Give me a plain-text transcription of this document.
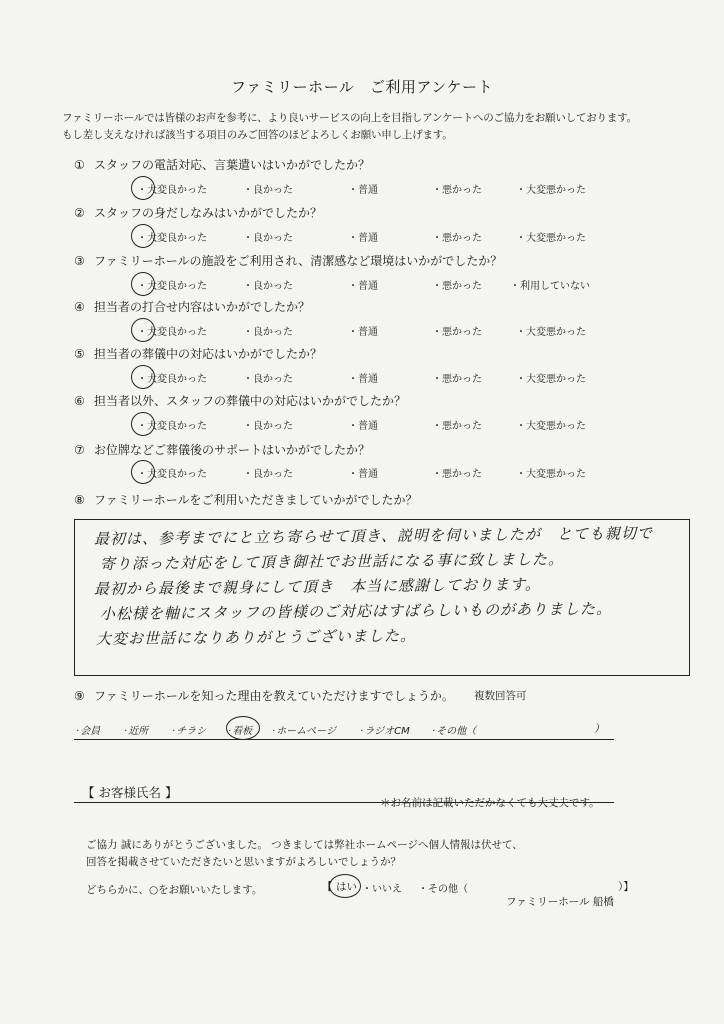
ファミリーホール　ご利用アンケート
ファミリーホールでは皆様のお声を参考に、より良いサービスの向上を目指しアンケートへのご協力をお願いしております。
もし差し支えなければ該当する項目のみご回答のほどよろしくお願い申し上げます。
① スタッフの電話対応、言葉遣いはいかがでしたか？
・ 大変良かった	・ 良かった	・ 普通	・ 悪かった	・ 大変悪かった
② スタッフの身だしなみはいかがでしたか？
・ 大変良かった	・ 良かった	・ 普通	・ 悪かった	・ 大変悪かった
③ ファミリーホールの施設をご利用され、清潔感など環境はいかがでしたか？
・ 大変良かった	・ 良かった	・ 普通	・ 悪かった	・ 利用していない
④ 担当者の打合せ内容はいかがでしたか？
・ 大変良かった	・ 良かった	・ 普通	・ 悪かった	・ 大変悪かった
⑤ 担当者の葬儀中の対応はいかがでしたか？
・ 大変良かった	・ 良かった	・ 普通	・ 悪かった	・ 大変悪かった
⑥ 担当者以外、スタッフの葬儀中の対応はいかがでしたか？
・ 大変良かった	・ 良かった	・ 普通	・ 悪かった	・ 大変悪かった
⑦ お位牌などご葬儀後のサポートはいかがでしたか？
・ 大変良かった	・ 良かった	・ 普通	・ 悪かった	・ 大変悪かった
⑧ ファミリーホールをご利用いただきましていかがでしたか？
最初は、参考までにと立ち寄らせて頂き、説明を伺いましたが　とても親切で
寄り添った対応をして頂き御社でお世話になる事に致しました。
最初から最後まで親身にして頂き　本当に感謝しております。
小松様を軸にスタッフの皆様のご対応はすばらしいものがありました。
大変お世話になりありがとうございました。
⑨ ファミリーホールを知った理由を教えていただけますでしょうか。 複数回答可
· 会員	· 近所	· チラシ	· 看板	· ホームページ	· ラジオCM	· その他（	）
【 お客様氏名 】
＊お名前は記載いただかなくても大丈夫です。
ご協力 誠にありがとうございました。 つきましては弊社ホームページへ個人情報は伏せて、
回答を掲載させていただきたいと思いますがよろしいでしょうか？
どちらかに、○をお願いいたします。	【 はい	・ いいえ	・ その他（	）】
ファミリーホール 船橋
